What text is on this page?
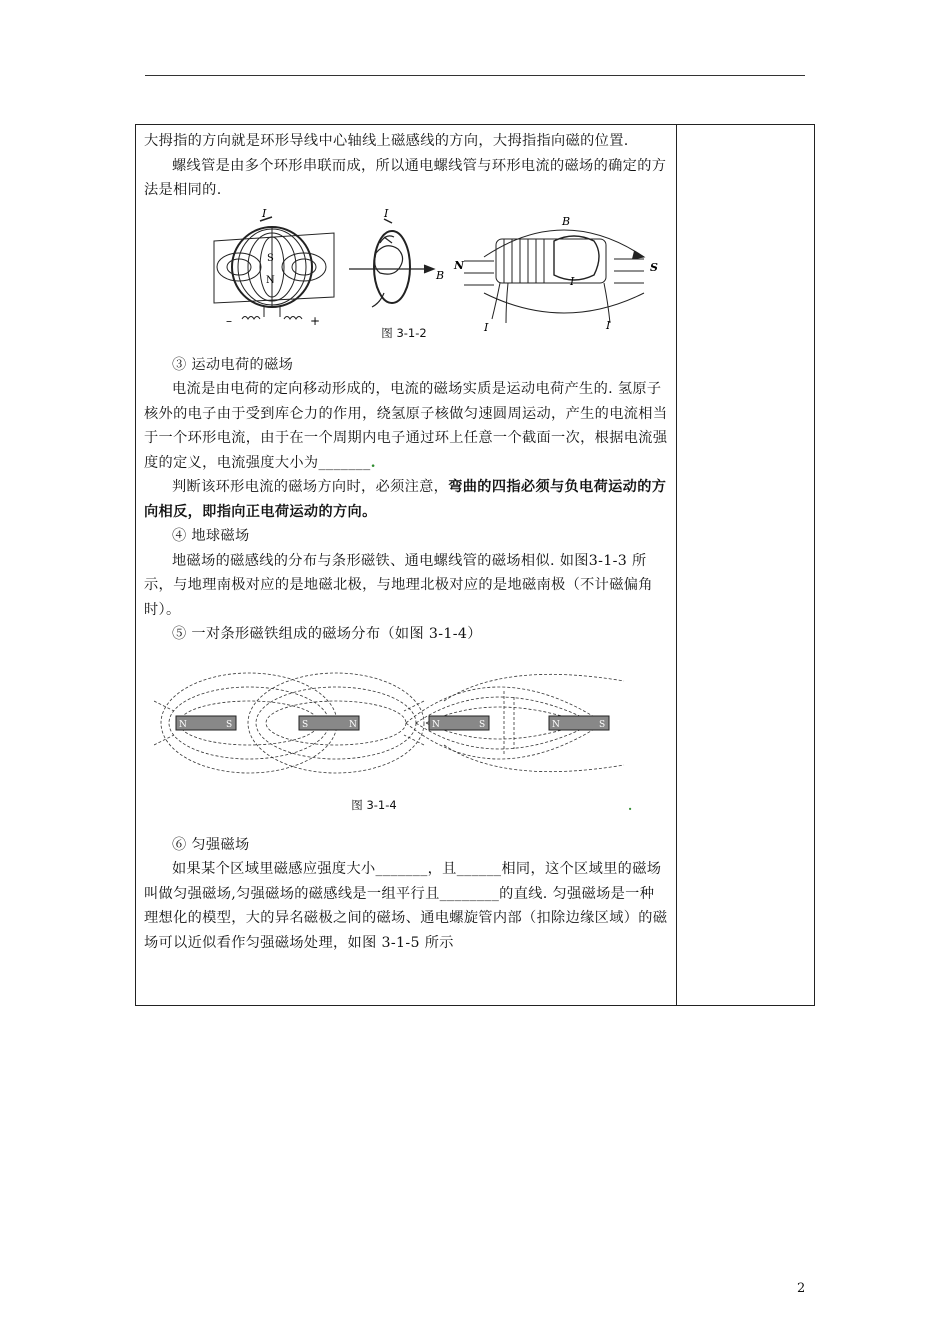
大拇指的方向就是环形导线中心轴线上磁感线的方向，大拇指指向磁的位置.

螺线管是由多个环形串联而成，所以通电螺线管与环形电流的磁场的确定的方法是相同的.

I
S
N
–	+
I
B
B
N	S
I
I	I
图 3-1-2

③ 运动电荷的磁场

电流是由电荷的定向移动形成的，电流的磁场实质是运动电荷产生的. 氢原子核外的电子由于受到库仑力的作用，绕氢原子核做匀速圆周运动，产生的电流相当于一个环形电流，由于在一个周期内电子通过环上任意一个截面一次，根据电流强度的定义，电流强度大小为_______.

判断该环形电流的磁场方向时，必须注意，弯曲的四指必须与负电荷运动的方向相反，即指向正电荷运动的方向。

④ 地球磁场

地磁场的磁感线的分布与条形磁铁、通电螺线管的磁场相似. 如图3-1-3 所示，与地理南极对应的是地磁北极，与地理北极对应的是地磁南极（不计磁偏角时）。

⑤ 一对条形磁铁组成的磁场分布（如图 3-1-4）

N	S	S	N	N	S	N	S
图 3-1-4	.

⑥ 匀强磁场

如果某个区域里磁感应强度大小_______，且______相同，这个区域里的磁场叫做匀强磁场,匀强磁场的磁感线是一组平行且________的直线. 匀强磁场是一种理想化的模型，大的异名磁极之间的磁场、通电螺旋管内部（扣除边缘区域）的磁场可以近似看作匀强磁场处理，如图 3-1-5 所示

2
